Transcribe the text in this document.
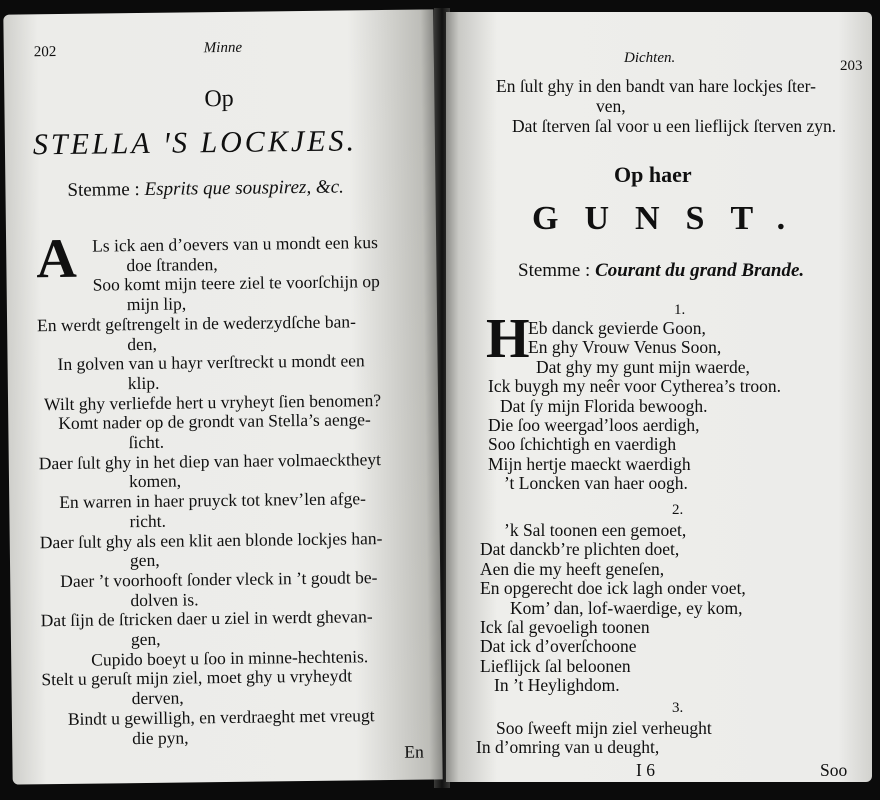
202	Minne
Op
STELLA ꞌS LOCKJES.
Stemme : Esprits que souspirez, &c.
A Ls ick aen d’oevers van u mondt een kus
doe ſtranden,
Soo komt mijn teere ziel te voorſchijn op
mijn lip,
En werdt geſtrengelt in de wederzydſche ban-
den,
In golven van u hayr verſtreckt u mondt een
klip.
Wilt ghy verliefde hert u vryheyt ſien benomen?
Komt nader op de grondt van Stella’s aenge-
ſicht.
Daer ſult ghy in het diep van haer volmaecktheyt
komen,
En warren in haer pruyck tot knev’len afge-
richt.
Daer ſult ghy als een klit aen blonde lockjes han-
gen,
Daer ’t voorhooft ſonder vleck in ’t goudt be-
dolven is.
Dat ſijn de ſtricken daer u ziel in werdt ghevan-
gen,
Cupido boeyt u ſoo in minne-hechtenis.
Stelt u geruſt mijn ziel, moet ghy u vryheydt
derven,
Bindt u gewilligh, en verdraeght met vreugt
die pyn,
En
Dichten.	203
En ſult ghy in den bandt van hare lockjes ſter-
ven,
Dat ſterven ſal voor u een lieflijck ſterven zyn.
Op haer
GUNST.
Stemme : Courant du grand Brande.
1.
H
Eb danck gevierde Goon,
En ghy Vrouw Venus Soon,
Dat ghy my gunt mijn waerde,
Ick buygh my neêr voor Cytherea’s troon.
Dat ſy mijn Florida bewoogh.
Die ſoo weergad’loos aerdigh,
Soo ſchichtigh en vaerdigh
Mijn hertje maeckt waerdigh
’t Loncken van haer oogh.
2.
’k Sal toonen een gemoet,
Dat danckb’re plichten doet,
Aen die my heeft geneſen,
En opgerecht doe ick lagh onder voet,
Kom’ dan, lof-waerdige, ey kom,
Ick ſal gevoeligh toonen
Dat ick d’overſchoone
Lieflijck ſal beloonen
In ’t Heylighdom.
3.
Soo ſweeft mijn ziel verheught
In d’omring van u deught,
I 6	Soo
